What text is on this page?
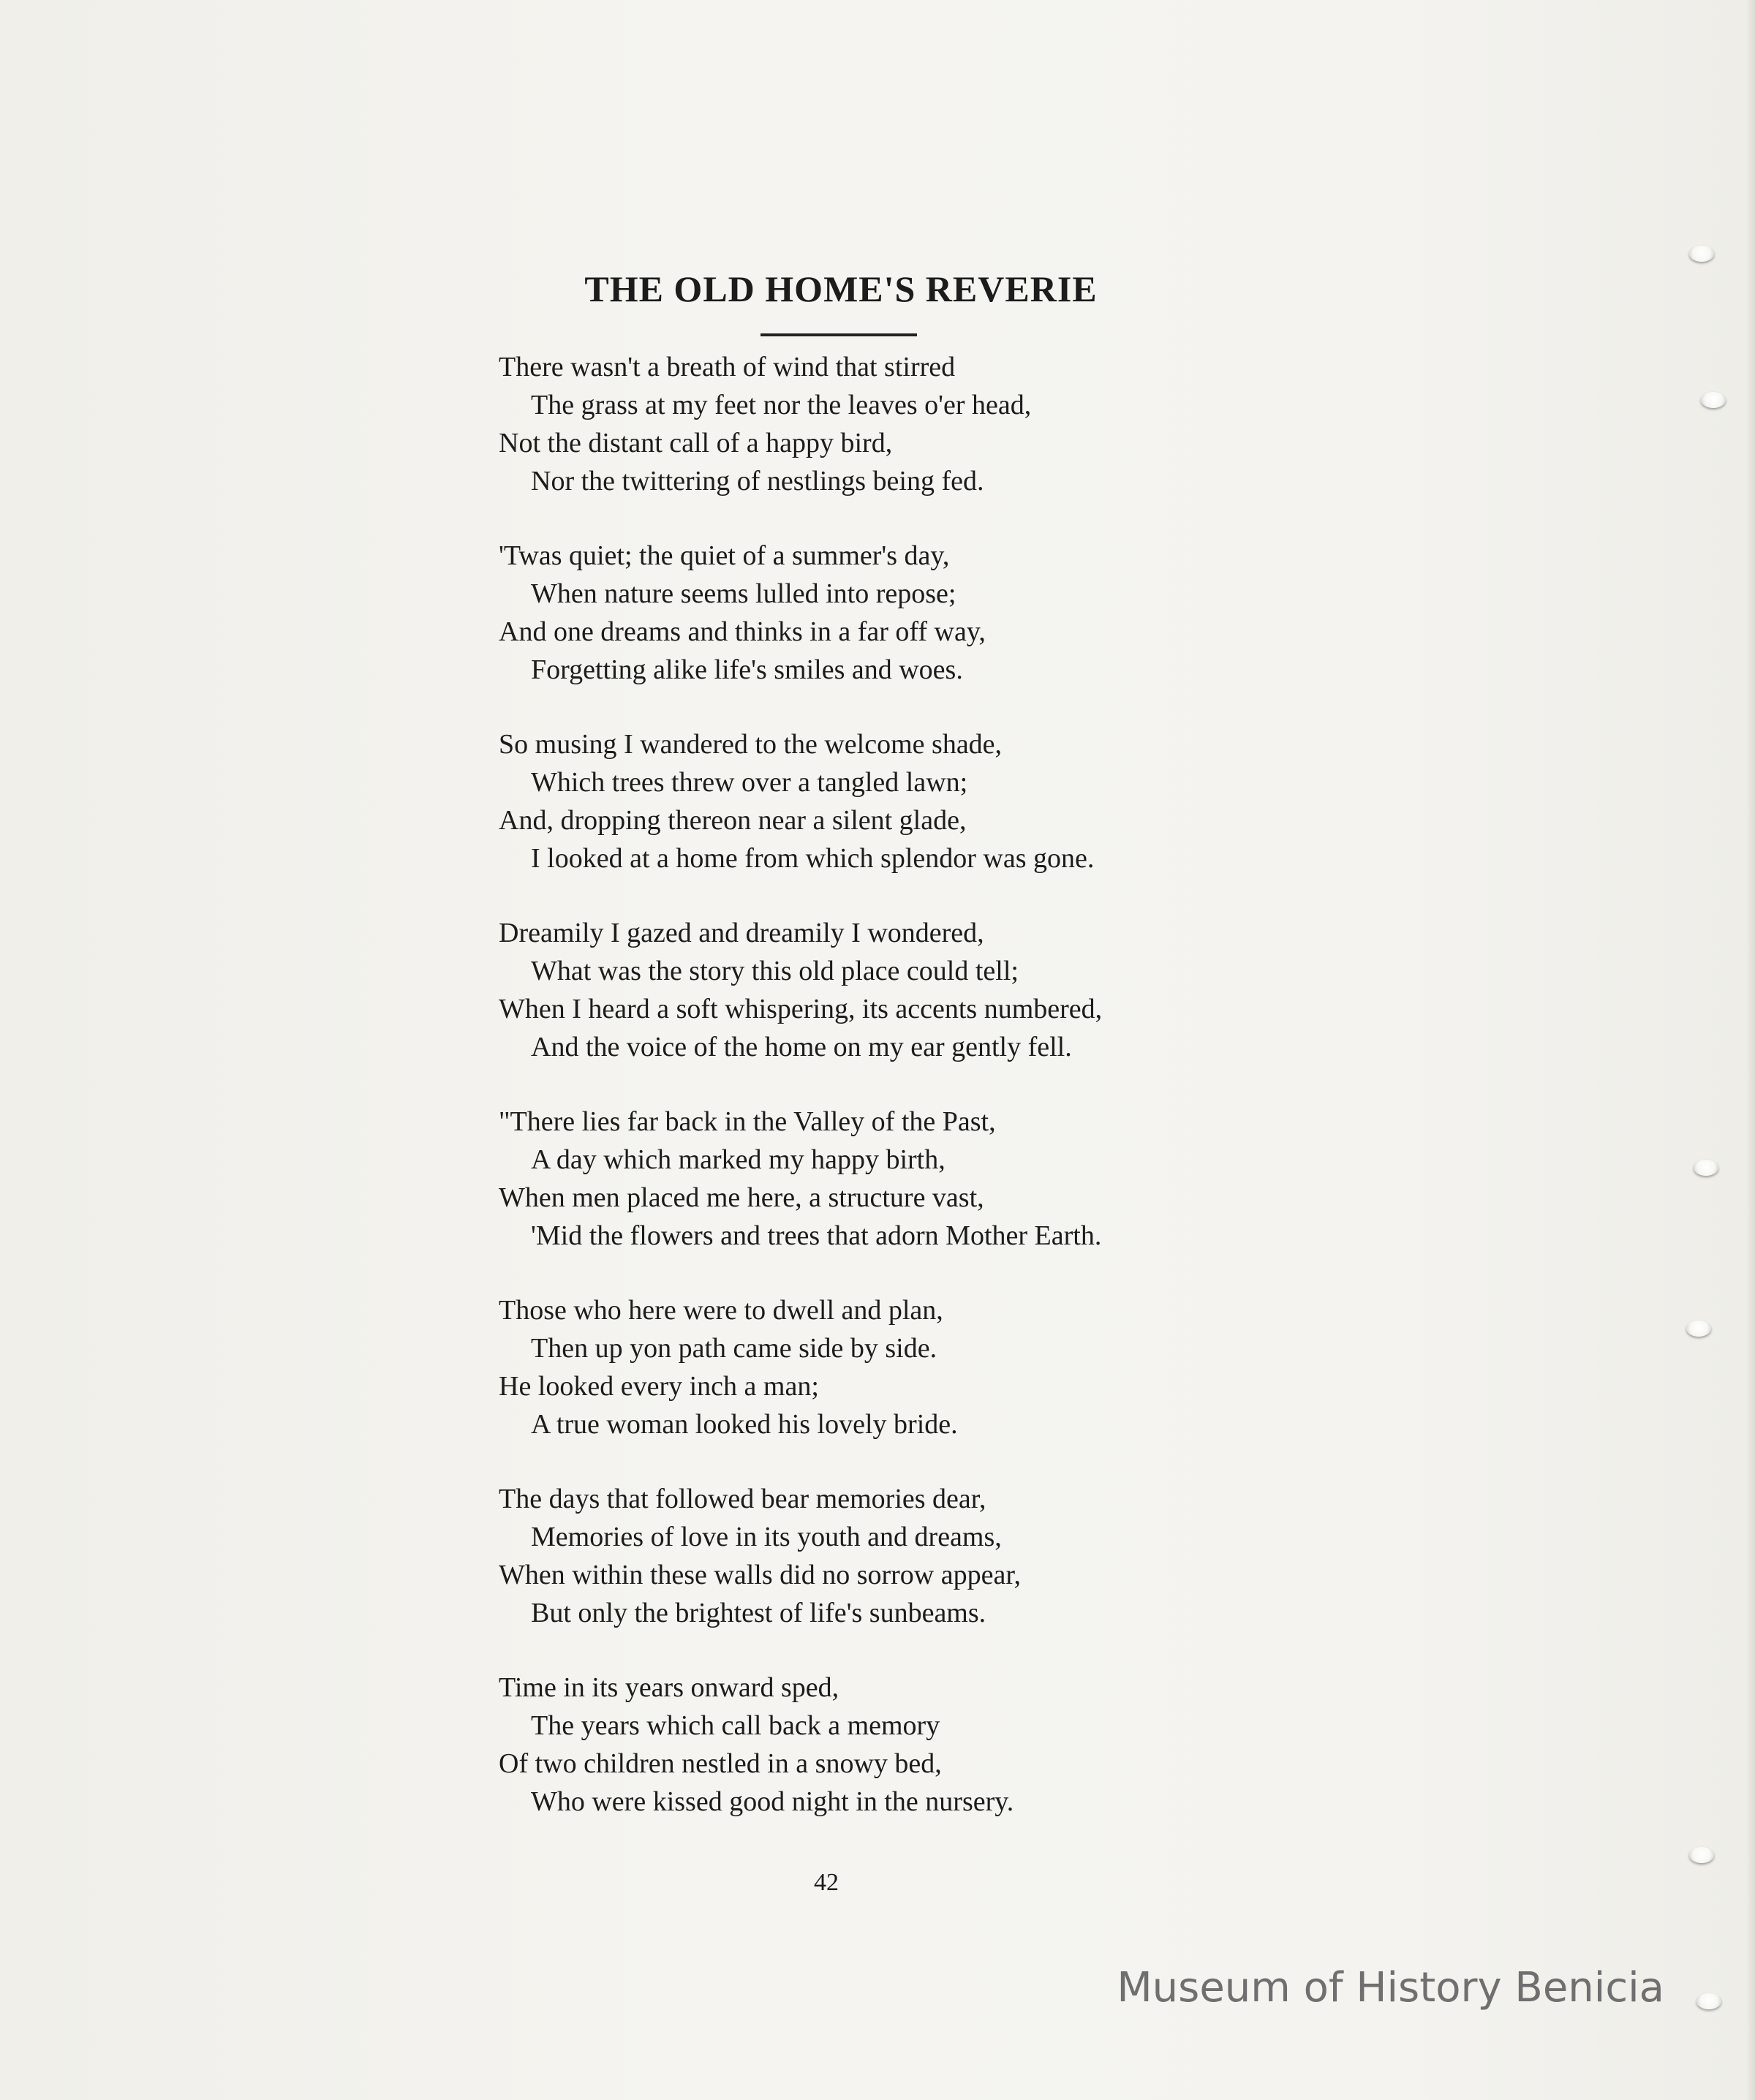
THE OLD HOME'S REVERIE
There wasn't a breath of wind that stirred
The grass at my feet nor the leaves o'er head,
Not the distant call of a happy bird,
Nor the twittering of nestlings being fed.
'Twas quiet; the quiet of a summer's day,
When nature seems lulled into repose;
And one dreams and thinks in a far off way,
Forgetting alike life's smiles and woes.
So musing I wandered to the welcome shade,
Which trees threw over a tangled lawn;
And, dropping thereon near a silent glade,
I looked at a home from which splendor was gone.
Dreamily I gazed and dreamily I wondered,
What was the story this old place could tell;
When I heard a soft whispering, its accents numbered,
And the voice of the home on my ear gently fell.
"There lies far back in the Valley of the Past,
A day which marked my happy birth,
When men placed me here, a structure vast,
'Mid the flowers and trees that adorn Mother Earth.
Those who here were to dwell and plan,
Then up yon path came side by side.
He looked every inch a man;
A true woman looked his lovely bride.
The days that followed bear memories dear,
Memories of love in its youth and dreams,
When within these walls did no sorrow appear,
But only the brightest of life's sunbeams.
Time in its years onward sped,
The years which call back a memory
Of two children nestled in a snowy bed,
Who were kissed good night in the nursery.
42
Museum of History Benicia
